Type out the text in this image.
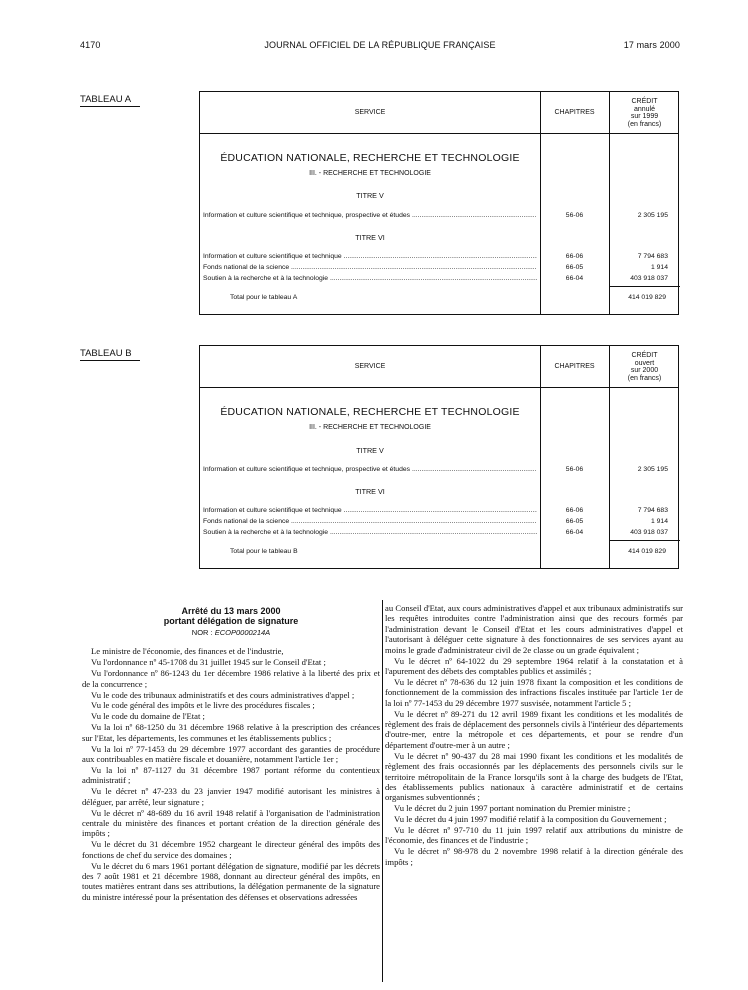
4170	JOURNAL OFFICIEL DE LA RÉPUBLIQUE FRANÇAISE	17 mars 2000
TABLEAU A
SERVICE	CHAPITRES
CRÉDIT
annulé
sur 1999
(en francs)
ÉDUCATION NATIONALE, RECHERCHE ET TECHNOLOGIE
III. - RECHERCHE ET TECHNOLOGIE
TITRE V
Information et culture scientifique et technique, prospective et études .....	56-06	2 305 195
TITRE VI
Information et culture scientifique et technique .....	66-06	7 794 683
Fonds national de la science .....	66-05	1 914
Soutien à la recherche et à la technologie .....	66-04	403 918 037
Total pour le tableau A	414 019 829
TABLEAU B
SERVICE	CHAPITRES
CRÉDIT
ouvert
sur 2000
(en francs)
ÉDUCATION NATIONALE, RECHERCHE ET TECHNOLOGIE
III. - RECHERCHE ET TECHNOLOGIE
TITRE V
Information et culture scientifique et technique, prospective et études .....	56-06	2 305 195
TITRE VI
Information et culture scientifique et technique .....	66-06	7 794 683
Fonds national de la science .....	66-05	1 914
Soutien à la recherche et à la technologie .....	66-04	403 918 037
Total pour le tableau B	414 019 829
Arrêté du 13 mars 2000
portant délégation de signature
NOR : ECOP0000214A

Le ministre de l'économie, des finances et de l'industrie,

Vu l'ordonnance nº 45-1708 du 31 juillet 1945 sur le Conseil d'Etat ;

Vu l'ordonnance nº 86-1243 du 1er décembre 1986 relative à la liberté des prix et de la concurrence ;

Vu le code des tribunaux administratifs et des cours administratives d'appel ;

Vu le code général des impôts et le livre des procédures fiscales ;

Vu le code du domaine de l'Etat ;

Vu la loi nº 68-1250 du 31 décembre 1968 relative à la prescription des créances sur l'Etat, les départements, les communes et les établissements publics ;

Vu la loi nº 77-1453 du 29 décembre 1977 accordant des garanties de procédure aux contribuables en matière fiscale et douanière, notamment l'article 1er ;

Vu la loi nº 87-1127 du 31 décembre 1987 portant réforme du contentieux administratif ;

Vu le décret nº 47-233 du 23 janvier 1947 modifié autorisant les ministres à déléguer, par arrêté, leur signature ;

Vu le décret nº 48-689 du 16 avril 1948 relatif à l'organisation de l'administration centrale du ministère des finances et portant création de la direction générale des impôts ;

Vu le décret du 31 décembre 1952 chargeant le directeur général des impôts des fonctions de chef du service des domaines ;

Vu le décret du 6 mars 1961 portant délégation de signature, modifié par les décrets des 7 août 1981 et 21 décembre 1988, donnant au directeur général des impôts, en toutes matières entrant dans ses attributions, la délégation permanente de la signature du ministre intéressé pour la présentation des défenses et observations adressées

au Conseil d'Etat, aux cours administratives d'appel et aux tribunaux administratifs sur les requêtes introduites contre l'administration ainsi que des recours formés par l'administration devant le Conseil d'Etat et les cours administratives d'appel et l'autorisant à déléguer cette signature à des fonctionnaires de ses services ayant au moins le grade d'administrateur civil de 2e classe ou un grade équivalent ;

Vu le décret nº 64-1022 du 29 septembre 1964 relatif à la constatation et à l'apurement des débets des comptables publics et assimilés ;

Vu le décret nº 78-636 du 12 juin 1978 fixant la composition et les conditions de fonctionnement de la commission des infractions fiscales instituée par l'article 1er de la loi nº 77-1453 du 29 décembre 1977 susvisée, notamment l'article 5 ;

Vu le décret nº 89-271 du 12 avril 1989 fixant les conditions et les modalités de règlement des frais de déplacement des personnels civils à l'intérieur des départements d'outre-mer, entre la métropole et ces départements, et pour se rendre d'un département d'outre-mer à un autre ;

Vu le décret nº 90-437 du 28 mai 1990 fixant les conditions et les modalités de règlement des frais occasionnés par les déplacements des personnels civils sur le territoire métropolitain de la France lorsqu'ils sont à la charge des budgets de l'Etat, des établissements publics nationaux à caractère administratif et de certains organismes subventionnés ;

Vu le décret du 2 juin 1997 portant nomination du Premier ministre ;

Vu le décret du 4 juin 1997 modifié relatif à la composition du Gouvernement ;

Vu le décret nº 97-710 du 11 juin 1997 relatif aux attributions du ministre de l'économie, des finances et de l'industrie ;

Vu le décret nº 98-978 du 2 novembre 1998 relatif à la direction générale des impôts ;
